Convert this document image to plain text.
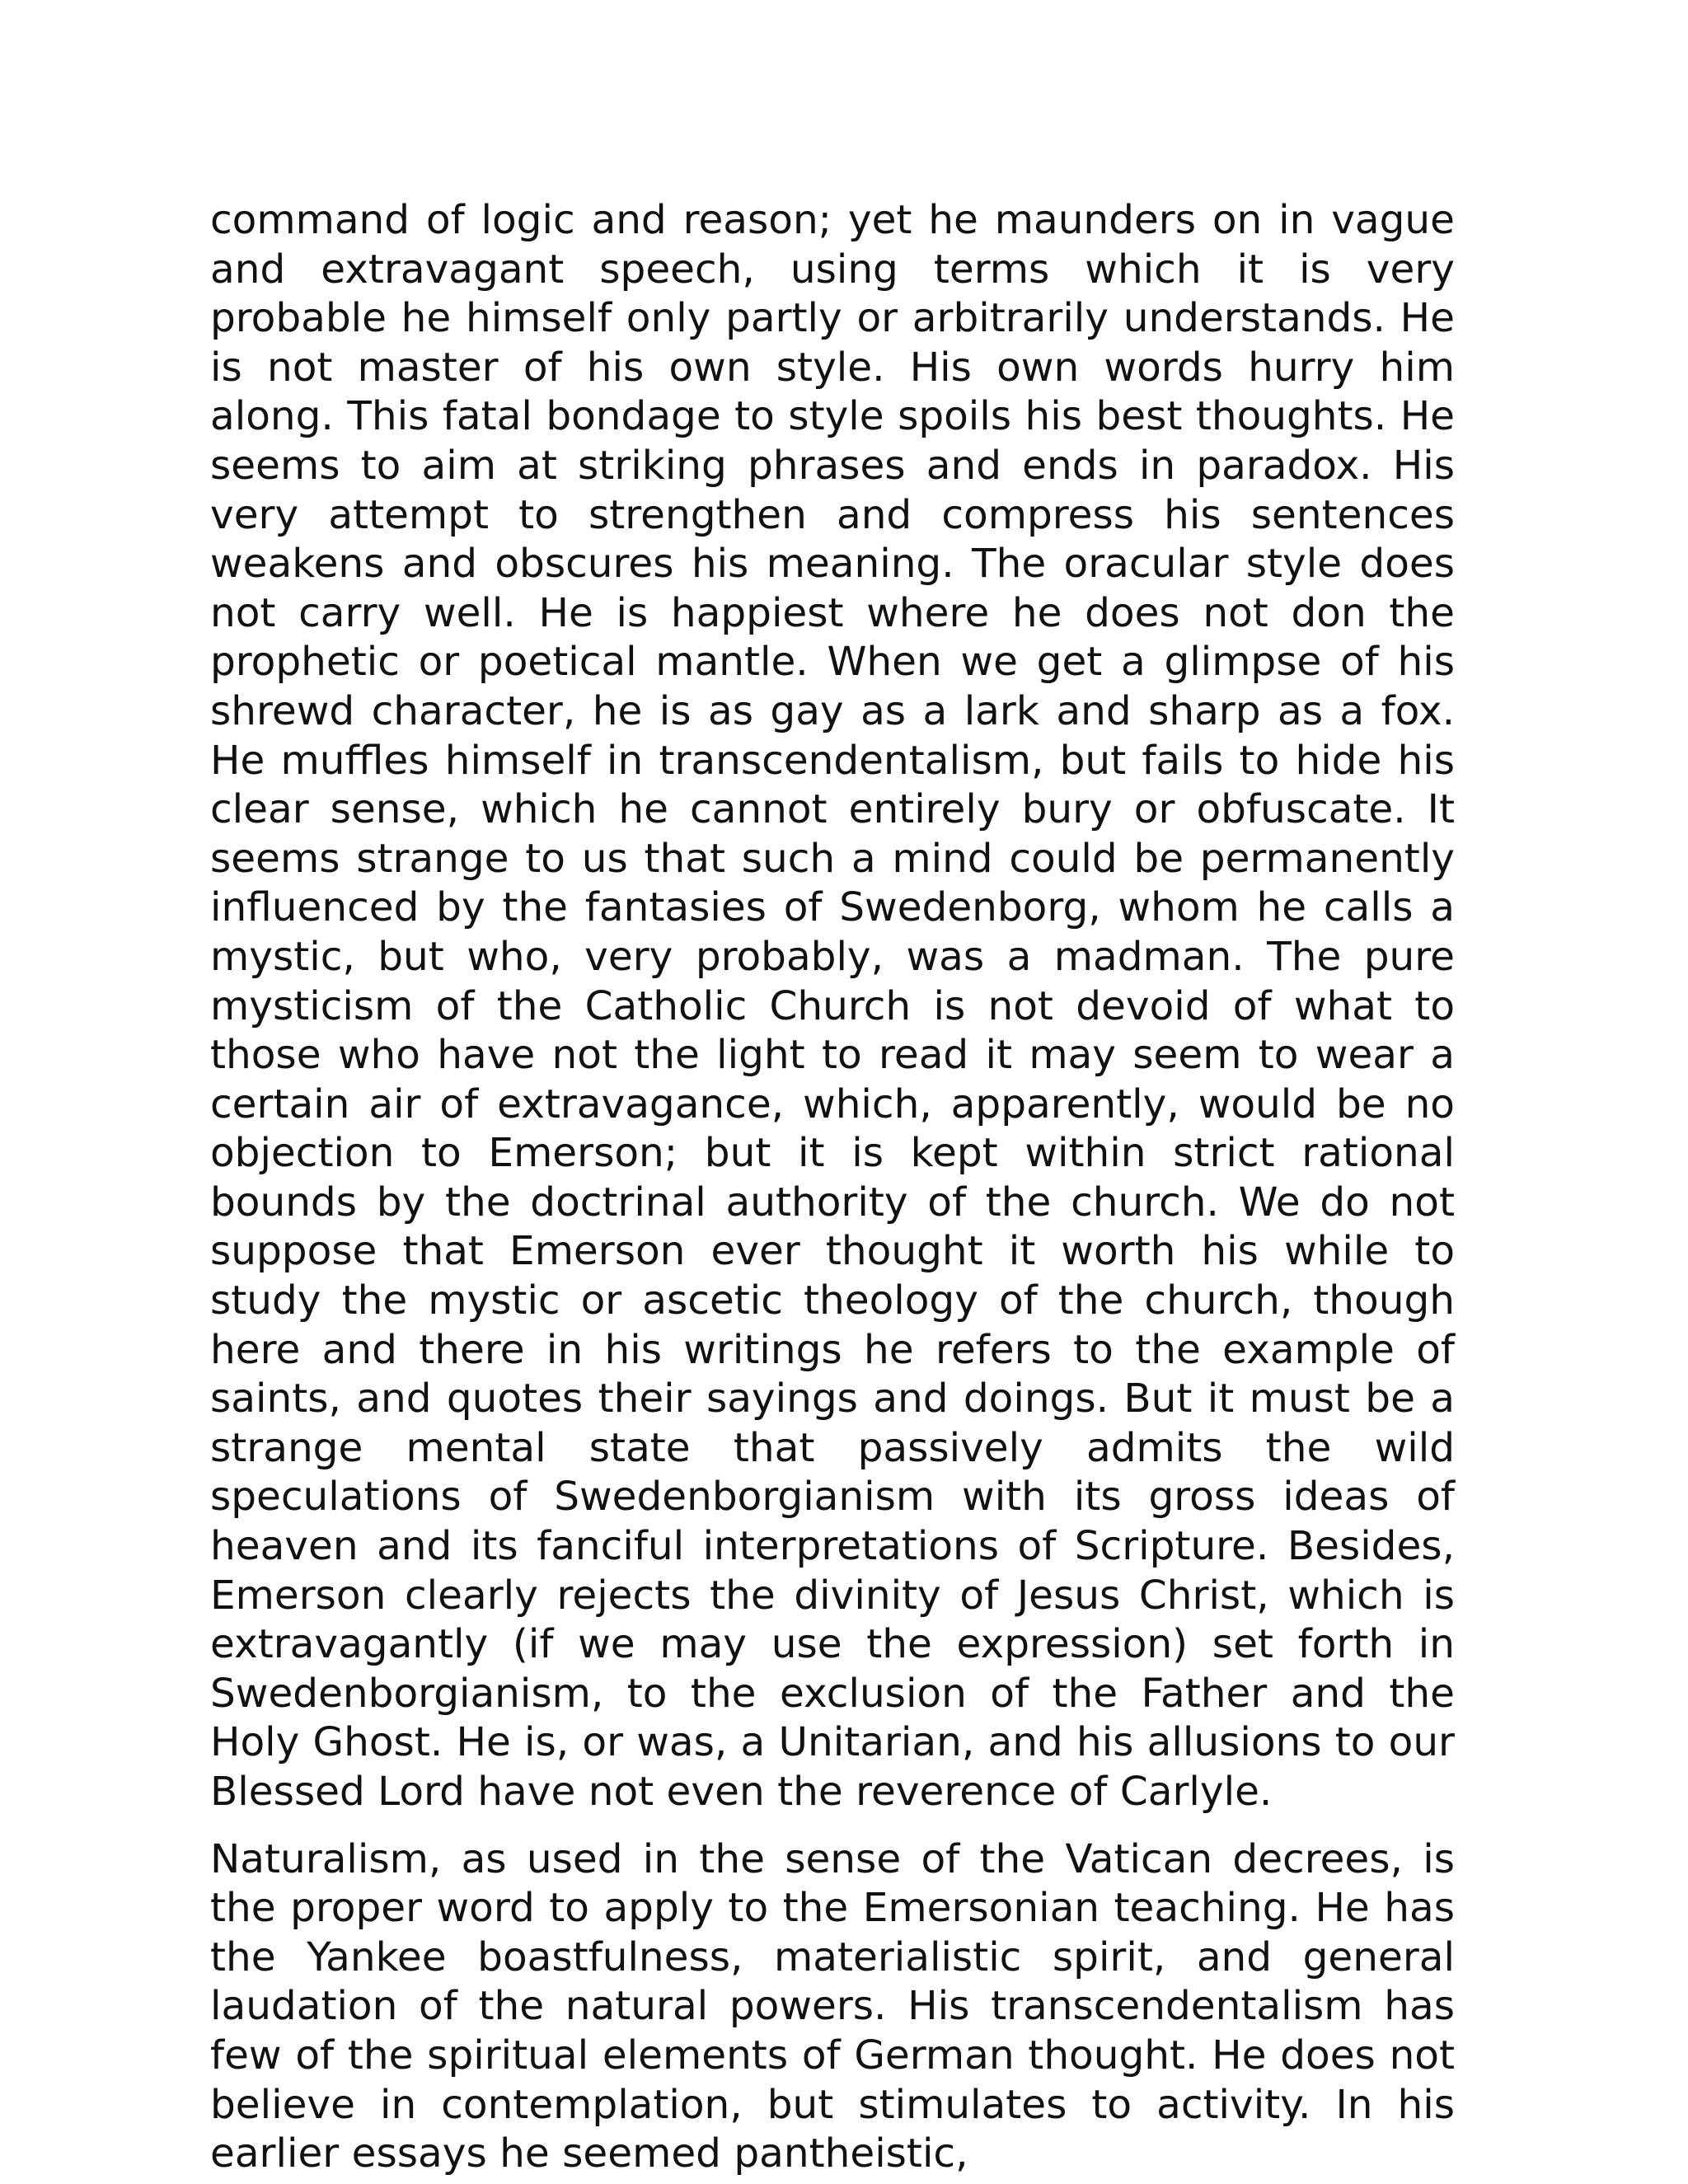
command of logic and reason; yet he maunders on in vague and extravagant speech, using terms which it is very probable he himself only partly or arbitrarily understands. He is not master of his own style. His own words hurry him along. This fatal bondage to style spoils his best thoughts. He seems to aim at striking phrases and ends in paradox. His very attempt to strengthen and compress his sentences weakens and obscures his meaning. The oracular style does not carry well. He is happiest where he does not don the prophetic or poetical mantle. When we get a glimpse of his shrewd character, he is as gay as a lark and sharp as a fox. He muffles himself in transcendentalism, but fails to hide his clear sense, which he cannot entirely bury or obfuscate. It seems strange to us that such a mind could be permanently influenced by the fantasies of Swedenborg, whom he calls a mystic, but who, very probably, was a madman. The pure mysticism of the Catholic Church is not devoid of what to those who have not the light to read it may seem to wear a certain air of extravagance, which, apparently, would be no objection to Emerson; but it is kept within strict rational bounds by the doctrinal authority of the church. We do not suppose that Emerson ever thought it worth his while to study the mystic or ascetic theology of the church, though here and there in his writings he refers to the example of saints, and quotes their sayings and doings. But it must be a strange mental state that passively admits the wild speculations of Swedenborgianism with its gross ideas of heaven and its fanciful interpretations of Scripture. Besides, Emerson clearly rejects the divinity of Jesus Christ, which is extravagantly (if we may use the expression) set forth in Swedenborgianism, to the exclusion of the Father and the Holy Ghost. He is, or was, a Unitarian, and his allusions to our Blessed Lord have not even the reverence of Carlyle.

Naturalism, as used in the sense of the Vatican decrees, is the proper word to apply to the Emersonian teaching. He has the Yankee boastfulness, materialistic spirit, and general laudation of the natural powers. His transcendentalism has few of the spiritual elements of German thought. He does not believe in contemplation, but stimulates to activity. In his earlier essays he seemed pantheistic,
